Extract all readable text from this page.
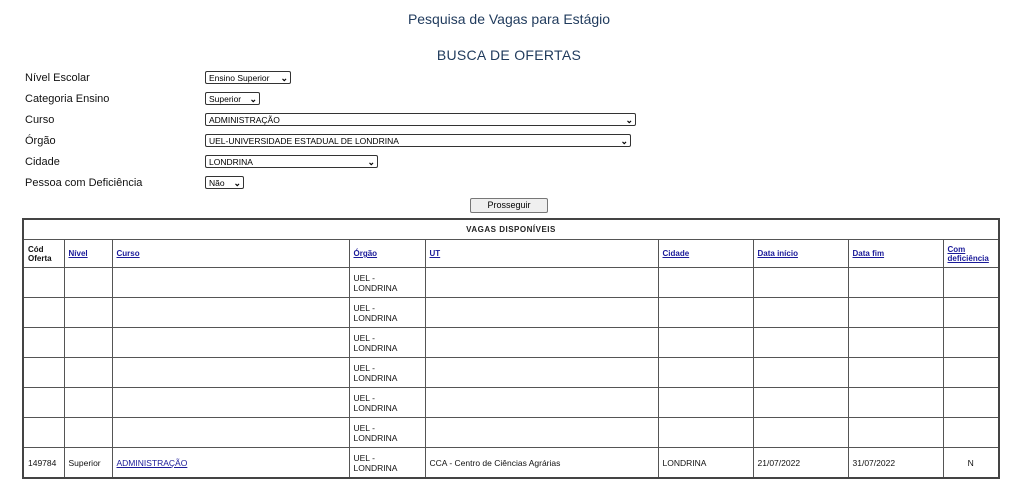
Pesquisa de Vagas para Estágio
BUSCA DE OFERTAS
Nível Escolar	Ensino Superior ⌄
Categoria Ensino	Superior ⌄
Curso	ADMINISTRAÇÃO	⌄
Órgão	UEL-UNIVERSIDADE ESTADUAL DE LONDRINA	⌄
Cidade	LONDRINA	⌄
Pessoa com Deficiência	Não ⌄
Prosseguir
VAGAS DISPONÍVEIS								
Cód Oferta	Nível	Curso	Órgão	UT	Cidade	Data início	Data fim	Com deficiência

			UEL - LONDRINA					
			UEL - LONDRINA					
			UEL - LONDRINA					
			UEL - LONDRINA					
			UEL - LONDRINA					
			UEL - LONDRINA					
149784	Superior	ADMINISTRAÇÃO	UEL - LONDRINA	CCA - Centro de Ciências Agrárias	LONDRINA	21/07/2022	31/07/2022	N
